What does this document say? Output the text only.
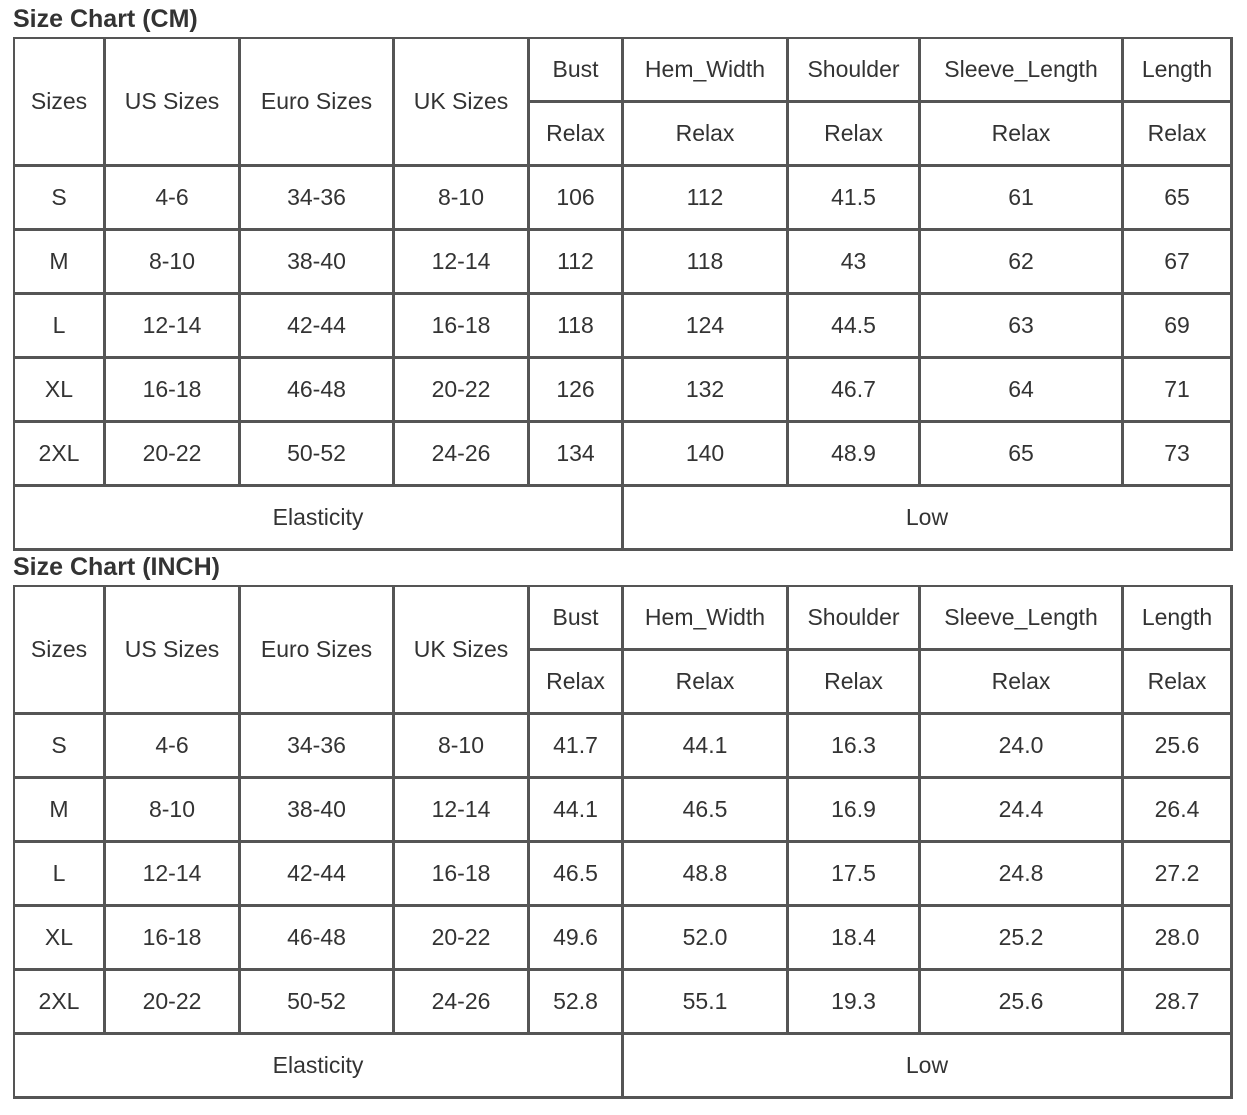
Size Chart (CM)
Sizes	US Sizes	Euro Sizes	UK Sizes	Bust	Hem_Width	Shoulder	Sleeve_Length	Length
				Relax	Relax	Relax	Relax	Relax
S	4-6	34-36	8-10	106	112	41.5	61	65
M	8-10	38-40	12-14	112	118	43	62	67
L	12-14	42-44	16-18	118	124	44.5	63	69
XL	16-18	46-48	20-22	126	132	46.7	64	71
2XL	20-22	50-52	24-26	134	140	48.9	65	73
Elasticity					Low			
Size Chart (INCH)
Sizes	US Sizes	Euro Sizes	UK Sizes	Bust	Hem_Width	Shoulder	Sleeve_Length	Length
				Relax	Relax	Relax	Relax	Relax
S	4-6	34-36	8-10	41.7	44.1	16.3	24.0	25.6
M	8-10	38-40	12-14	44.1	46.5	16.9	24.4	26.4
L	12-14	42-44	16-18	46.5	48.8	17.5	24.8	27.2
XL	16-18	46-48	20-22	49.6	52.0	18.4	25.2	28.0
2XL	20-22	50-52	24-26	52.8	55.1	19.3	25.6	28.7
Elasticity					Low			
